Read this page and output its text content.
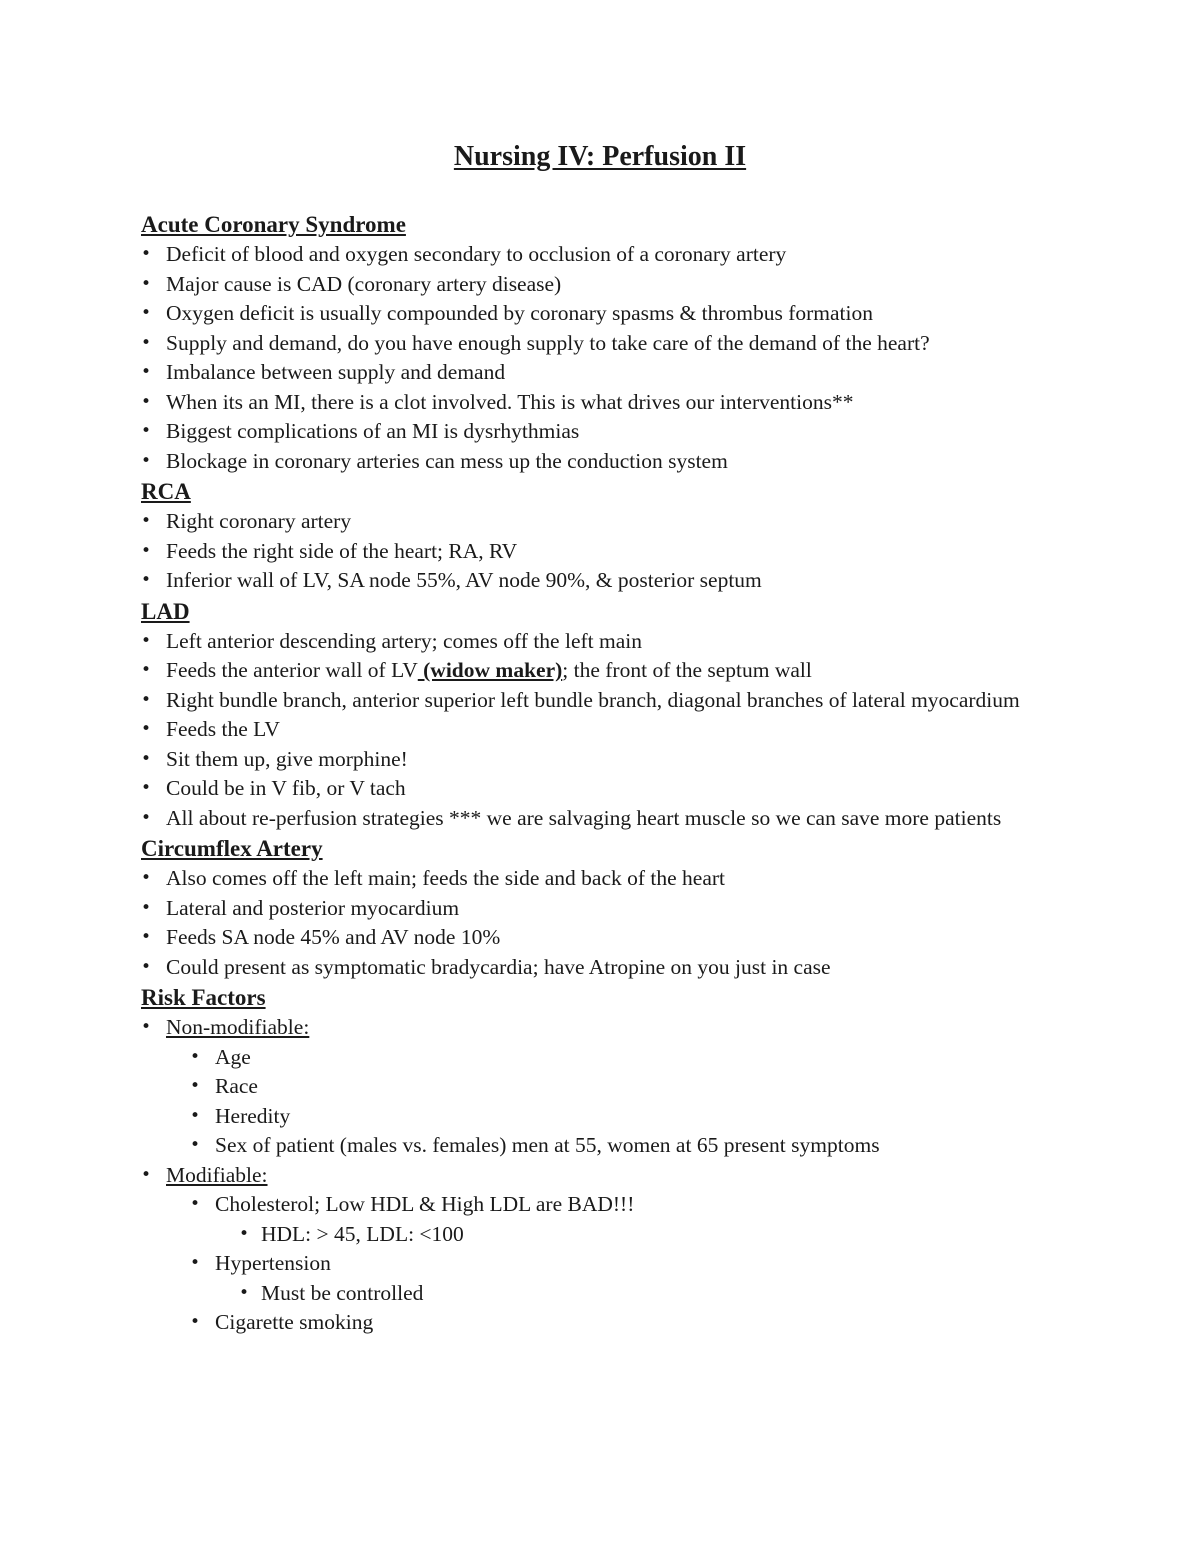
Nursing IV: Perfusion II

Acute Coronary Syndrome

• Deficit of blood and oxygen secondary to occlusion of a coronary artery
• Major cause is CAD (coronary artery disease)
• Oxygen deficit is usually compounded by coronary spasms & thrombus formation
• Supply and demand, do you have enough supply to take care of the demand of the heart?
• Imbalance between supply and demand
• When its an MI, there is a clot involved. This is what drives our interventions**
• Biggest complications of an MI is dysrhythmias
• Blockage in coronary arteries can mess up the conduction system

RCA

• Right coronary artery
• Feeds the right side of the heart; RA, RV
• Inferior wall of LV, SA node 55%, AV node 90%, & posterior septum

LAD

• Left anterior descending artery; comes off the left main
• Feeds the anterior wall of LV (widow maker); the front of the septum wall
• Right bundle branch, anterior superior left bundle branch, diagonal branches of lateral myocardium
• Feeds the LV
• Sit them up, give morphine!
• Could be in V fib, or V tach
• All about re-perfusion strategies *** we are salvaging heart muscle so we can save more patients

Circumflex Artery

• Also comes off the left main; feeds the side and back of the heart
• Lateral and posterior myocardium
• Feeds SA node 45% and AV node 10%
• Could present as symptomatic bradycardia; have Atropine on you just in case

Risk Factors

• Non-modifiable:
• Age
• Race
• Heredity
• Sex of patient (males vs. females) men at 55, women at 65 present symptoms
• Modifiable:
• Cholesterol; Low HDL & High LDL are BAD!!!
• HDL: > 45, LDL: <100
• Hypertension
• Must be controlled
• Cigarette smoking
